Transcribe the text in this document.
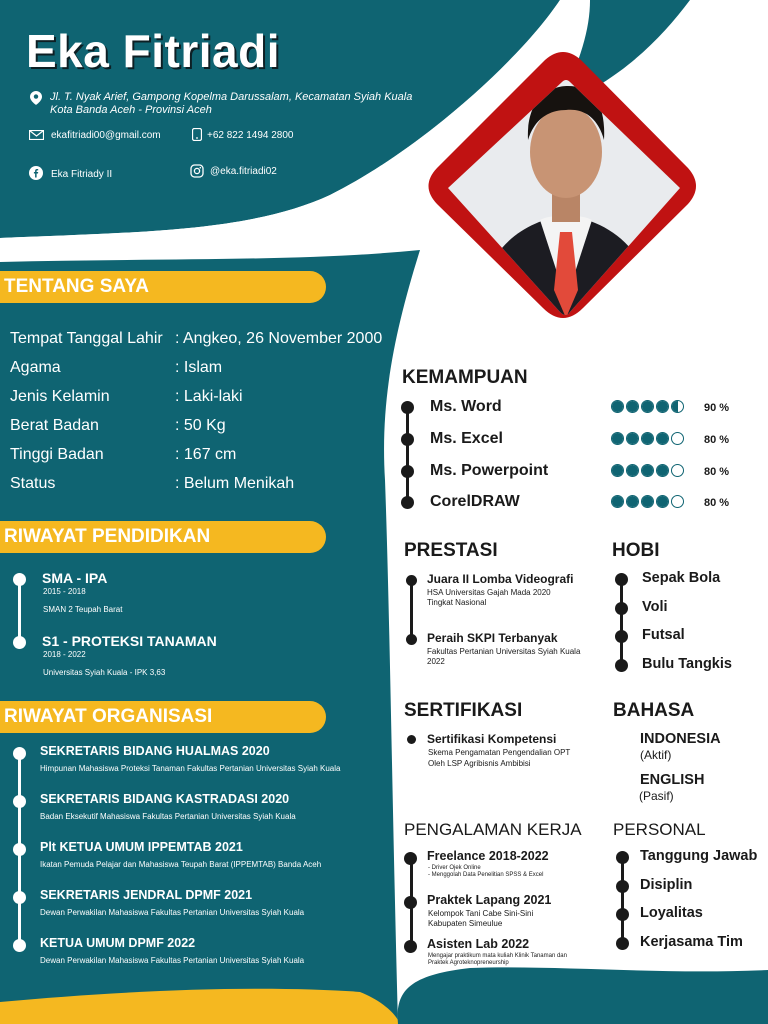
Eka Fitriadi
Jl. T. Nyak Arief, Gampong Kopelma Darussalam, Kecamatan Syiah Kuala
Kota Banda Aceh - Provinsi Aceh
ekafitriadi00@gmail.com	+62 822 1494 2800
Eka Fitriady II	@eka.fitriadi02
TENTANG SAYA
Tempat Tanggal Lahir : Angkeo, 26 November 2000
Agama	: Islam
Jenis Kelamin	: Laki-laki
Berat Badan	: 50 Kg
Tinggi Badan	: 167 cm
Status	: Belum Menikah
RIWAYAT PENDIDIKAN
SMA - IPA
2015 - 2018
SMAN 2 Teupah Barat
S1 - PROTEKSI TANAMAN
2018 - 2022
Universitas Syiah Kuala - IPK 3,63
RIWAYAT ORGANISASI
SEKRETARIS BIDANG HUALMAS 2020
Himpunan Mahasiswa Proteksi Tanaman Fakultas Pertanian Universitas Syiah Kuala
SEKRETARIS BIDANG KASTRADASI 2020
Badan Eksekutif Mahasiswa Fakultas Pertanian Universitas Syiah Kuala
Plt KETUA UMUM IPPEMTAB 2021
Ikatan Pemuda Pelajar dan Mahasiswa Teupah Barat (IPPEMTAB) Banda Aceh
SEKRETARIS JENDRAL DPMF 2021
Dewan Perwakilan Mahasiswa Fakultas Pertanian Universitas Syiah Kuala
KETUA UMUM DPMF 2022
Dewan Perwakilan Mahasiswa Fakultas Pertanian Universitas Syiah Kuala
KEMAMPUAN
Ms. Word	90 %
Ms. Excel	80 %
Ms. Powerpoint	80 %
CorelDRAW	80 %
PRESTASI
Juara II Lomba Videografi
HSA Universitas Gajah Mada 2020
Tingkat Nasional
Peraih SKPI Terbanyak
Fakultas Pertanian Universitas Syiah Kuala
2022
HOBI
Sepak Bola
Voli
Futsal
Bulu Tangkis
SERTIFIKASI
Sertifikasi Kompetensi
Skema Pengamatan Pengendalian OPT
Oleh LSP Agribisnis Ambibisi
BAHASA
INDONESIA
(Aktif)
ENGLISH
(Pasif)
PENGALAMAN KERJA
Freelance 2018-2022
- Driver Ojek Online
- Menggolah Data Penelitian SPSS & Excel
Praktek Lapang 2021
Kelompok Tani Cabe Sini-Sini
Kabupaten Simeulue
Asisten Lab 2022
Mengajar praktikum mata kuliah Klinik Tanaman dan
Praktek Agroteknopreneurship
PERSONAL
Tanggung Jawab
Disiplin
Loyalitas
Kerjasama Tim
